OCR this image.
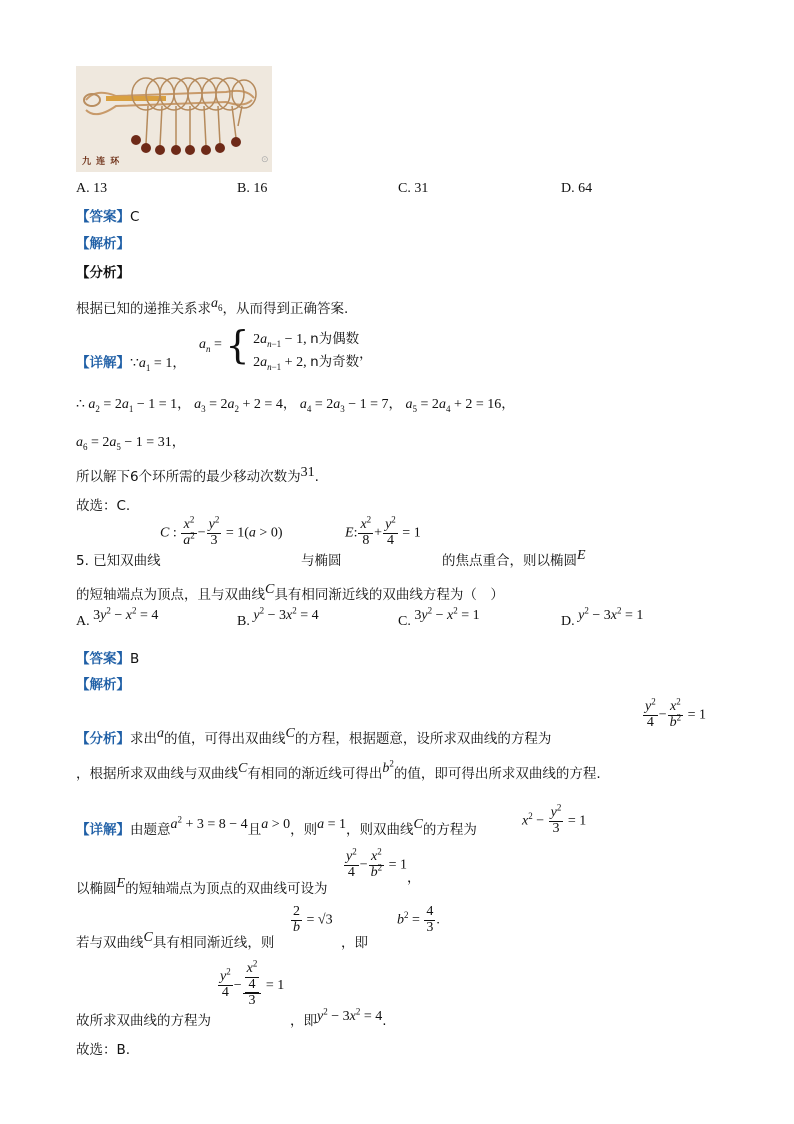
⊙
九 连 环
A. 13	B. 16	C. 31	D. 64
【答案】C
【解析】
【分析】
根据已知的递推关系求$a_6$，从而得到正确答案.
【详解】$\because a_1 = 1$，
$a_n$ = { $2a_{n-1} - 1$, n为偶数
$2a_{n-1} + 2$, n为奇数 ，
∴ $a_2 = 2a_1 - 1 = 1$， $a_3 = 2a_2 + 2 = 4$， $a_4 = 2a_3 - 1 = 7$， $a_5 = 2a_4 + 2 = 16$，
$a_6 = 2a_5 - 1 = 31$，
所以解下6个环所需的最少移动次数为31.
故选：C.
5. 已知双曲线
C : $\frac{x^2}{a^2} - \frac{y^2}{3} = 1(a > 0)$
与椭圆
E: $\frac{x^2}{8} + \frac{y^2}{4} = 1$
的焦点重合，则以椭圆E
的短轴端点为顶点，且与双曲线C具有相同渐近线的双曲线方程为（　）
A. $3y^2 - x^2 = 4$	B. $y^2 - 3x^2 = 4$	C. $3y^2 - x^2 = 1$	D. $y^2 - 3x^2 = 1$
【答案】B
【解析】
【分析】求出a的值，可得出双曲线C的方程，根据题意，设所求双曲线的方程为
$\frac{y^2}{4} - \frac{x^2}{b^2} = 1$
，根据所求双曲线与双曲线C有相同的渐近线可得出$b^2$的值，即可得出所求双曲线的方程.
【详解】由题意$a^2 + 3 = 8 - 4$且a > 0，则a = 1，则双曲线C的方程为
$x^2 - \frac{y^2}{3} = 1$
以椭圆E的短轴端点为顶点的双曲线可设为
$\frac{y^2}{4} - \frac{x^2}{b^2} = 1$，
若与双曲线C具有相同渐近线，则
$\frac{2}{b} = √3$
，即
$b^2 = \frac{4}{3}$ .
故所求双曲线的方程为
$\frac{y^2}{4} - \frac{\frac{x^2}{4}}{3} = 1$
，即$y^2 - 3x^2 = 4$.
故选：B.
